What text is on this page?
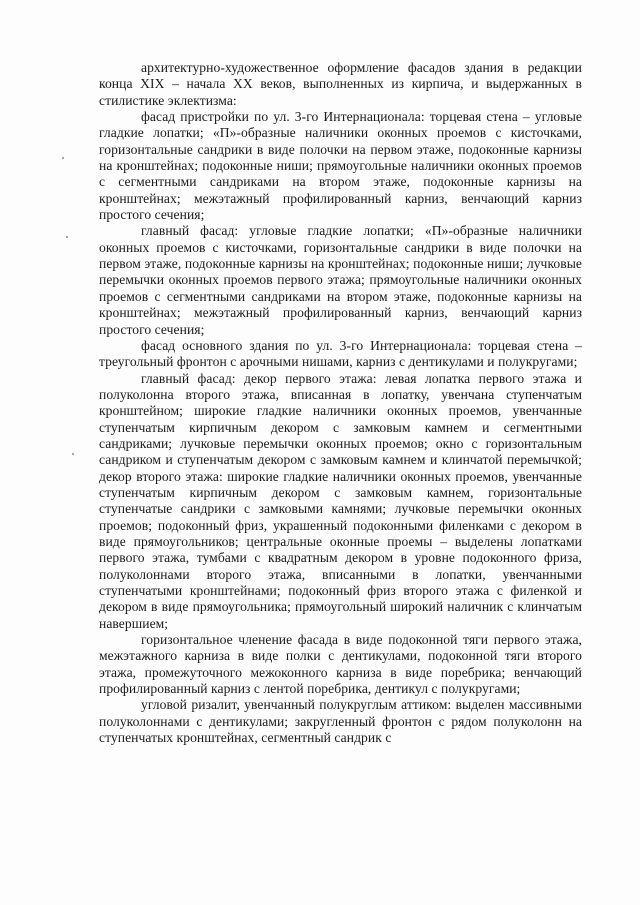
архитектурно-художественное оформление фасадов здания в редакции конца XIX – начала XX веков, выполненных из кирпича, и выдержанных в стилистике эклектизма:

фасад пристройки по ул. 3-го Интернационала: торцевая стена – угловые гладкие лопатки; «П»-образные наличники оконных проемов с кисточками, горизонтальные сандрики в виде полочки на первом этаже, подоконные карнизы на кронштейнах; подоконные ниши; прямоугольные наличники оконных проемов с сегментными сандриками на втором этаже, подоконные карнизы на кронштейнах; межэтажный профилированный карниз, венчающий карниз простого сечения;

главный фасад: угловые гладкие лопатки; «П»-образные наличники оконных проемов с кисточками, горизонтальные сандрики в виде полочки на первом этаже, подоконные карнизы на кронштейнах; подоконные ниши; лучковые перемычки оконных проемов первого этажа; прямоугольные наличники оконных проемов с сегментными сандриками на втором этаже, подоконные карнизы на кронштейнах; межэтажный профилированный карниз, венчающий карниз простого сечения;

фасад основного здания по ул. 3-го Интернационала: торцевая стена – треугольный фронтон с арочными нишами, карниз с дентикулами и полукругами;

главный фасад: декор первого этажа: левая лопатка первого этажа и полуколонна второго этажа, вписанная в лопатку, увенчана ступенчатым кронштейном; широкие гладкие наличники оконных проемов, увенчанные ступенчатым кирпичным декором с замковым камнем и сегментными сандриками; лучковые перемычки оконных проемов; окно с горизонтальным сандриком и ступенчатым декором с замковым камнем и клинчатой перемычкой; декор второго этажа: широкие гладкие наличники оконных проемов, увенчанные ступенчатым кирпичным декором с замковым камнем, горизонтальные ступенчатые сандрики с замковыми камнями; лучковые перемычки оконных проемов; подоконный фриз, украшенный подоконными филенками с декором в виде прямоугольников; центральные оконные проемы – выделены лопатками первого этажа, тумбами с квадратным декором в уровне подоконного фриза, полуколоннами второго этажа, вписанными в лопатки, увенчанными ступенчатыми кронштейнами; подоконный фриз второго этажа с филенкой и декором в виде прямоугольника; прямоугольный широкий наличник с клинчатым навершием;

горизонтальное членение фасада в виде подоконной тяги первого этажа, межэтажного карниза в виде полки с дентикулами, подоконной тяги второго этажа, промежуточного межоконного карниза в виде поребрика; венчающий профилированный карниз с лентой поребрика, дентикул с полукругами;

угловой ризалит, увенчанный полукруглым аттиком: выделен массивными полуколоннами с дентикулами; закругленный фронтон с рядом полуколонн на ступенчатых кронштейнах, сегментный сандрик с
